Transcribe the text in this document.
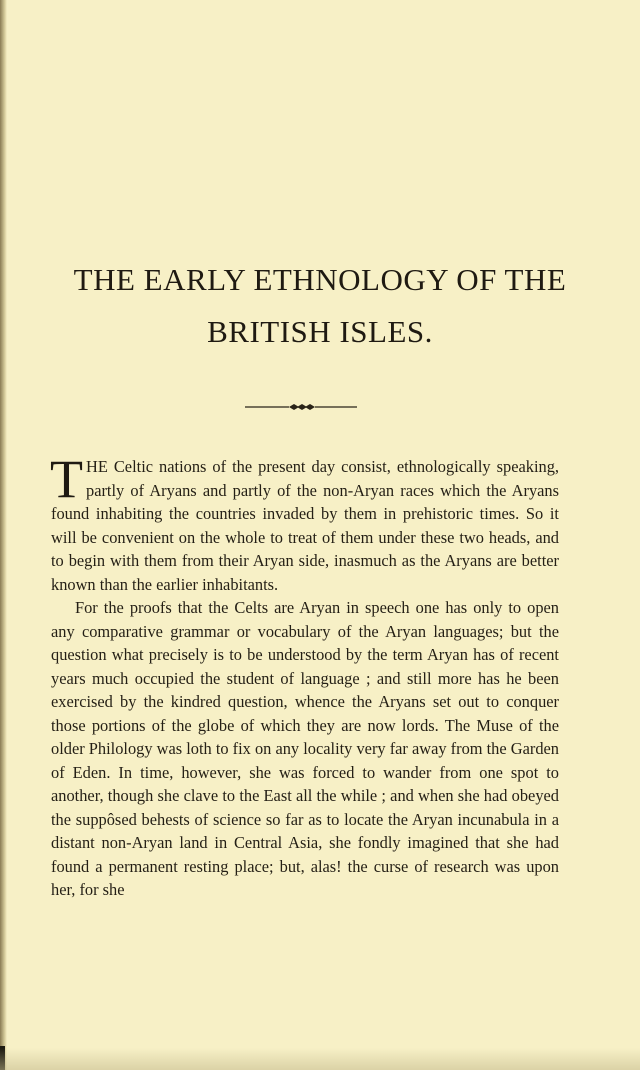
THE EARLY ETHNOLOGY OF THE
BRITISH ISLES.

THE Celtic nations of the present day consist, ethnologically speaking, partly of Aryans and partly of the non-Aryan races which the Aryans found inhabiting the countries invaded by them in prehistoric times. So it will be convenient on the whole to treat of them under these two heads, and to begin with them from their Aryan side, inasmuch as the Aryans are better known than the earlier inhabitants.

For the proofs that the Celts are Aryan in speech one has only to open any comparative grammar or vocabulary of the Aryan languages; but the question what precisely is to be understood by the term Aryan has of recent years much occupied the student of language ; and still more has he been exercised by the kindred question, whence the Aryans set out to conquer those portions of the globe of which they are now lords. The Muse of the older Philology was loth to fix on any locality very far away from the Garden of Eden. In time, however, she was forced to wander from one spot to another, though she clave to the East all the while ; and when she had obeyed the suppôsed behests of science so far as to locate the Aryan incunabula in a distant non-Aryan land in Central Asia, she fondly imagined that she had found a permanent resting place; but, alas! the curse of research was upon her, for she
